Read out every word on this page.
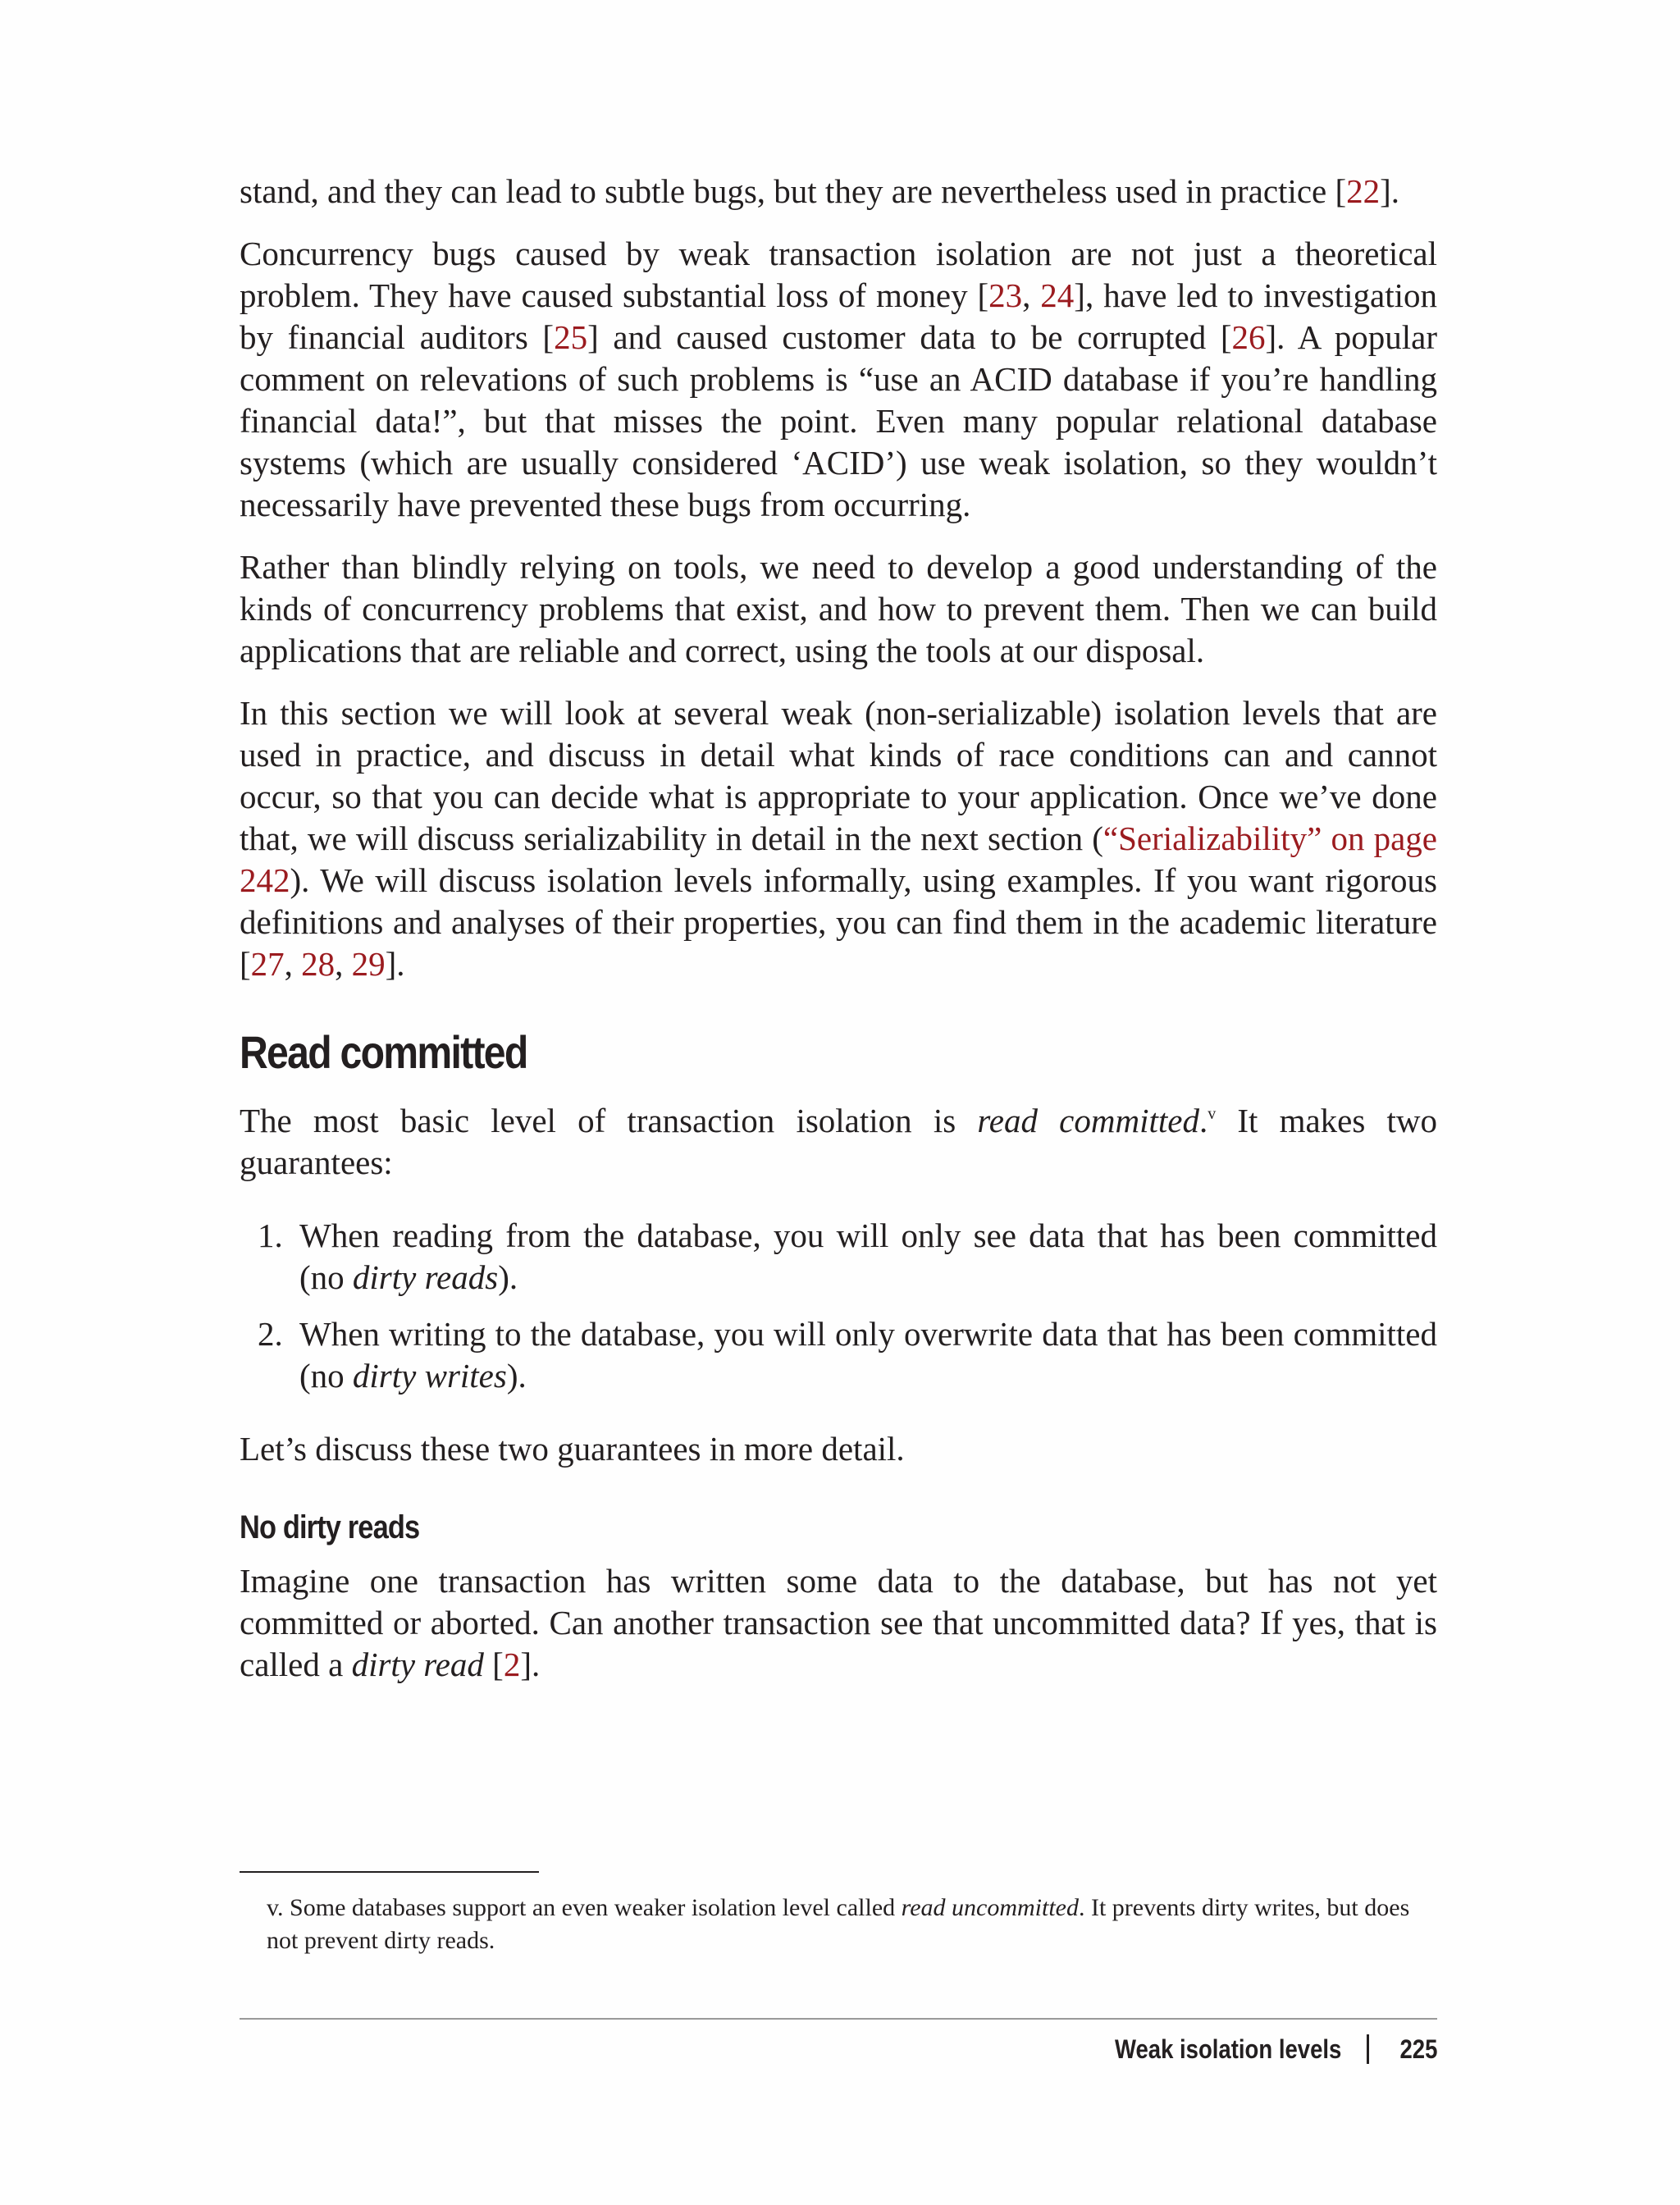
stand, and they can lead to subtle bugs, but they are nevertheless used in practice [22].

Concurrency bugs caused by weak transaction isolation are not just a theoretical problem. They have caused substantial loss of money [23, 24], have led to investigation by financial auditors [25] and caused customer data to be corrupted [26]. A popular comment on relevations of such problems is “use an ACID database if you’re handling financial data!”, but that misses the point. Even many popular relational database systems (which are usually considered ‘ACID’) use weak isolation, so they wouldn’t necessarily have prevented these bugs from occurring.

Rather than blindly relying on tools, we need to develop a good understanding of the kinds of concurrency problems that exist, and how to prevent them. Then we can build applications that are reliable and correct, using the tools at our disposal.

In this section we will look at several weak (non-serializable) isolation levels that are used in practice, and discuss in detail what kinds of race conditions can and cannot occur, so that you can decide what is appropriate to your application. Once we’ve done that, we will discuss serializability in detail in the next section (“Serializability” on page 242). We will discuss isolation levels informally, using examples. If you want rigorous definitions and analyses of their properties, you can find them in the academic literature [27, 28, 29].

Read committed

The most basic level of transaction isolation is read committed.$^v$ It makes two guarantees:

1. When reading from the database, you will only see data that has been committed (no dirty reads).
2. When writing to the database, you will only overwrite data that has been committed (no dirty writes).

Let’s discuss these two guarantees in more detail.

No dirty reads

Imagine one transaction has written some data to the database, but has not yet committed or aborted. Can another transaction see that uncommitted data? If yes, that is called a dirty read [2].

v. Some databases support an even weaker isolation level called read uncommitted. It prevents dirty writes, but does not prevent dirty reads.
Weak isolation levels 225
